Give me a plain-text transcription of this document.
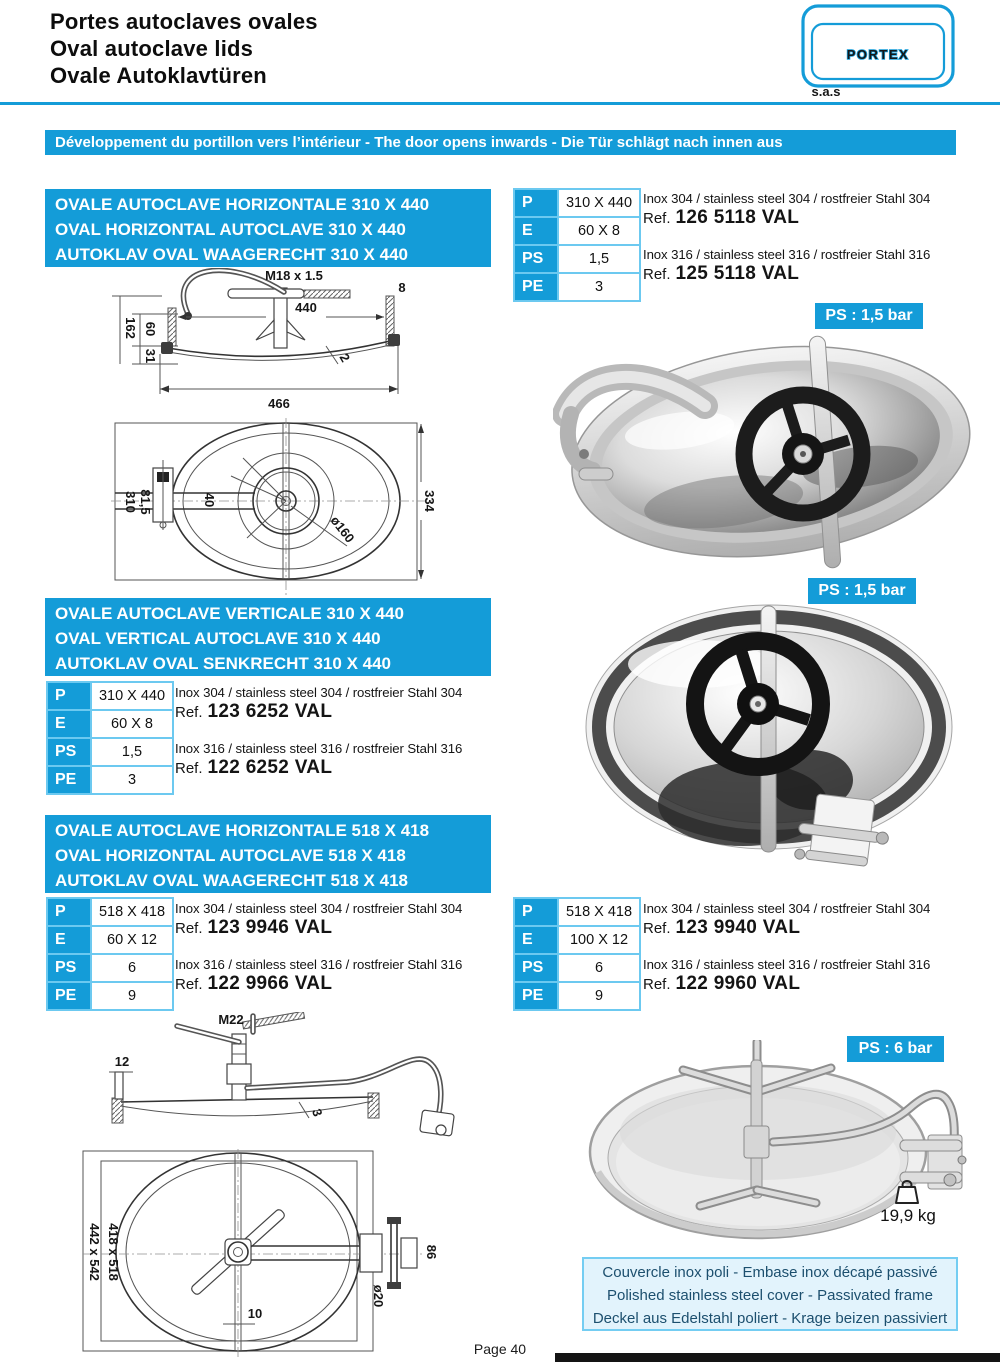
Portes autoclaves ovales
Oval autoclave lids
Ovale Autoklavtüren
PORTEX
s.a.s
Développement du portillon vers l’intérieur - The door opens inwards - Die Tür schlägt nach innen aus
OVALE AUTOCLAVE HORIZONTALE 310 X 440
OVAL HORIZONTAL AUTOCLAVE 310 X 440
AUTOKLAV OVAL WAAGERECHT 310 X 440
P	310 X 440
E	60 X 8
PS	1,5
PE	3
Inox 304 / stainless steel 304 / rostfreier Stahl 304
Ref. 126 5118 VAL
Inox 316 / stainless steel 316 / rostfreier Stahl 316
Ref. 125 5118 VAL
PS : 1,5 bar
M18 x 1.5
440
8
162 60
31	2
466
334
310 81,5	40
ø160
PS : 1,5 bar
OVALE AUTOCLAVE VERTICALE 310 X 440
OVAL VERTICAL AUTOCLAVE 310 X 440
AUTOKLAV OVAL SENKRECHT 310 X 440
P	310 X 440
E	60 X 8
PS	1,5
PE	3
Inox 304 / stainless steel 304 / rostfreier Stahl 304
Ref. 123 6252 VAL
Inox 316 / stainless steel 316 / rostfreier Stahl 316
Ref. 122 6252 VAL
OVALE AUTOCLAVE HORIZONTALE 518 X 418
OVAL HORIZONTAL AUTOCLAVE 518 X 418
AUTOKLAV OVAL WAAGERECHT 518 X 418
P	518 X 418
E	60 X 12
PS	6
PE	9
Inox 304 / stainless steel 304 / rostfreier Stahl 304
Ref. 123 9946 VAL
Inox 316 / stainless steel 316 / rostfreier Stahl 316
Ref. 122 9966 VAL
P	518 X 418
E	100 X 12
PS	6
PE	9
Inox 304 / stainless steel 304 / rostfreier Stahl 304
Ref. 123 9940 VAL
Inox 316 / stainless steel 316 / rostfreier Stahl 316
Ref. 122 9960 VAL
M22
12
3
418 x 518
442 x 542	86
ø20
10
PS : 6 bar
19,9 kg
Couvercle inox poli - Embase inox décapé passivé
Polished stainless steel cover - Passivated frame
Deckel aus Edelstahl poliert - Krage beizen passiviert
Page 40
